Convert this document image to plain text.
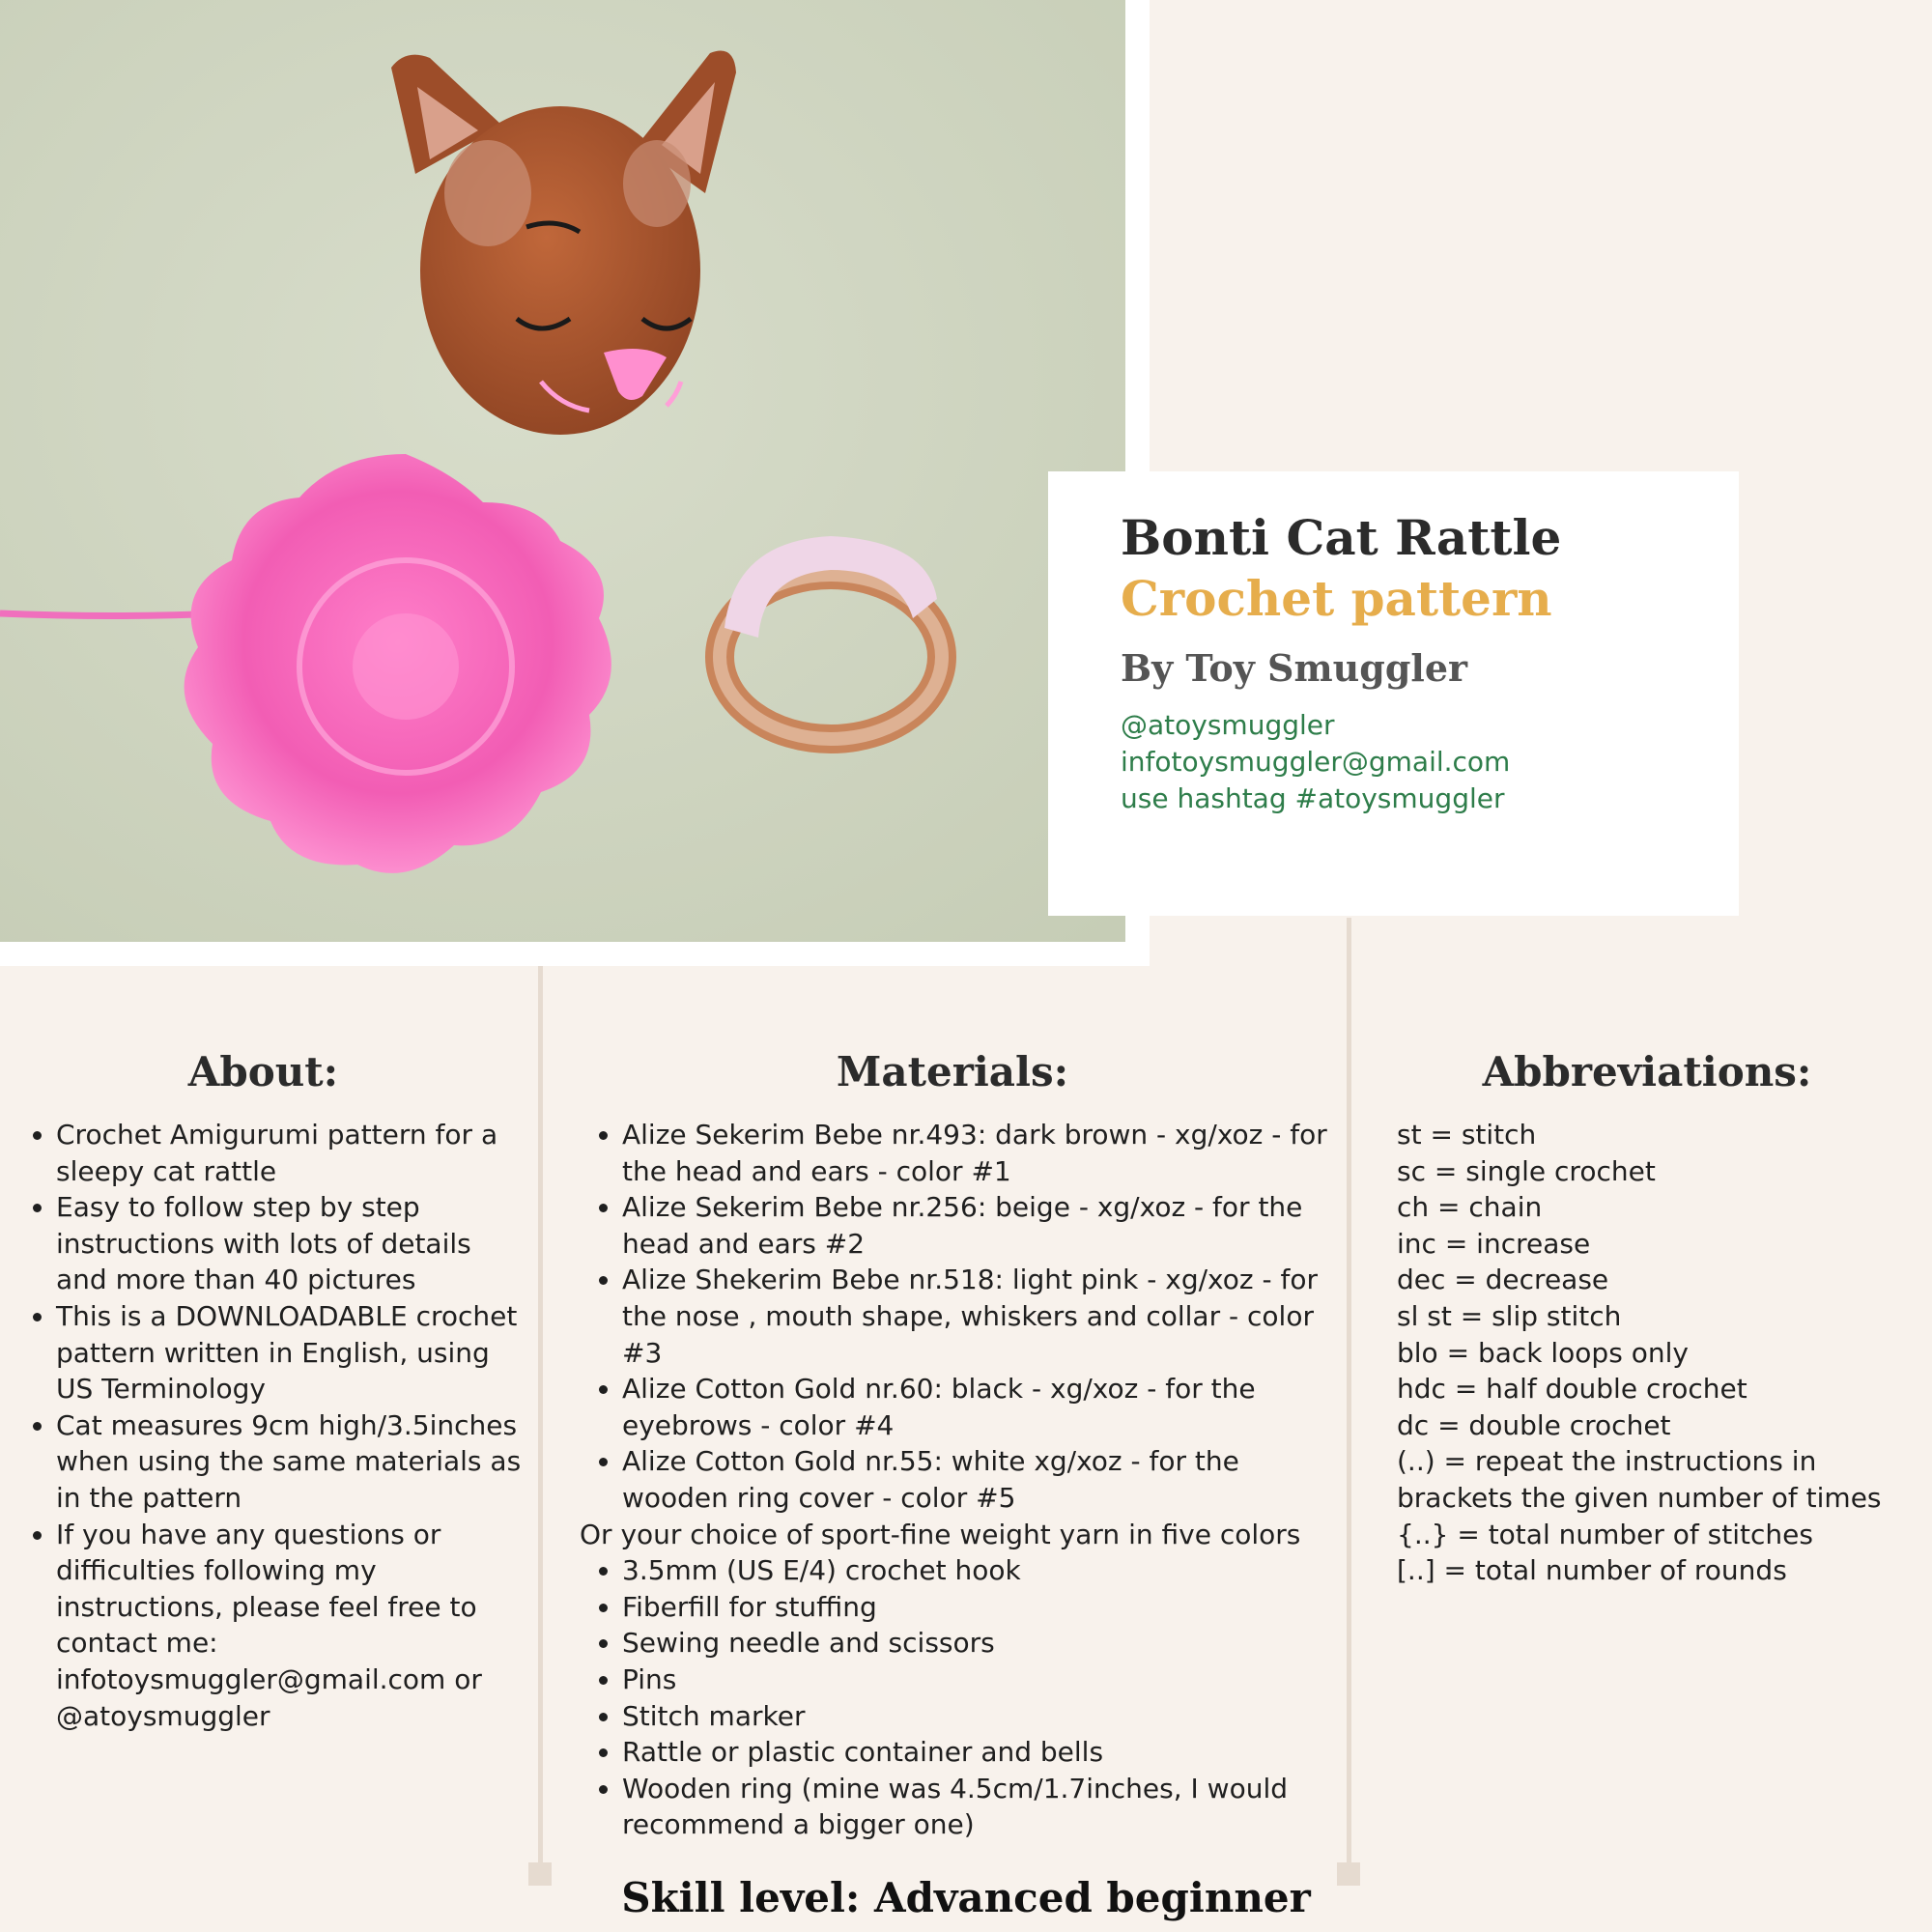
Bonti Cat Rattle
Crochet pattern
By Toy Smuggler
@atoysmuggler
infotoysmuggler@gmail.com
use hashtag #atoysmuggler
About:
• Crochet Amigurumi pattern for a sleepy cat rattle
• Easy to follow step by step instructions with lots of details and more than 40 pictures
• This is a DOWNLOADABLE crochet pattern written in English, using US Terminology
• Cat measures 9cm high/3.5inches when using the same materials as in the pattern
• If you have any questions or difficulties following my instructions, please feel free to contact me: infotoysmuggler@gmail.com or @atoysmuggler
Materials:
• Alize Sekerim Bebe nr.493: dark brown - xg/xoz - for the head and ears - color #1
• Alize Sekerim Bebe nr.256: beige - xg/xoz - for the head and ears #2
• Alize Shekerim Bebe nr.518: light pink - xg/xoz - for the nose , mouth shape, whiskers and collar - color #3
• Alize Cotton Gold nr.60: black - xg/xoz - for the eyebrows - color #4
• Alize Cotton Gold nr.55: white xg/xoz - for the wooden ring cover - color #5
Or your choice of sport-fine weight yarn in five colors
• 3.5mm (US E/4) crochet hook
• Fiberfill for stuffing
• Sewing needle and scissors
• Pins
• Stitch marker
• Rattle or plastic container and bells
• Wooden ring (mine was 4.5cm/1.7inches, I would recommend a bigger one)
Abbreviations:
st = stitch
sc = single crochet
ch = chain
inc = increase
dec = decrease
sl st = slip stitch
blo = back loops only
hdc = half double crochet
dc = double crochet
(..) = repeat the instructions in brackets the given number of times
{..} = total number of stitches
[..] = total number of rounds
Skill level: Advanced beginner
